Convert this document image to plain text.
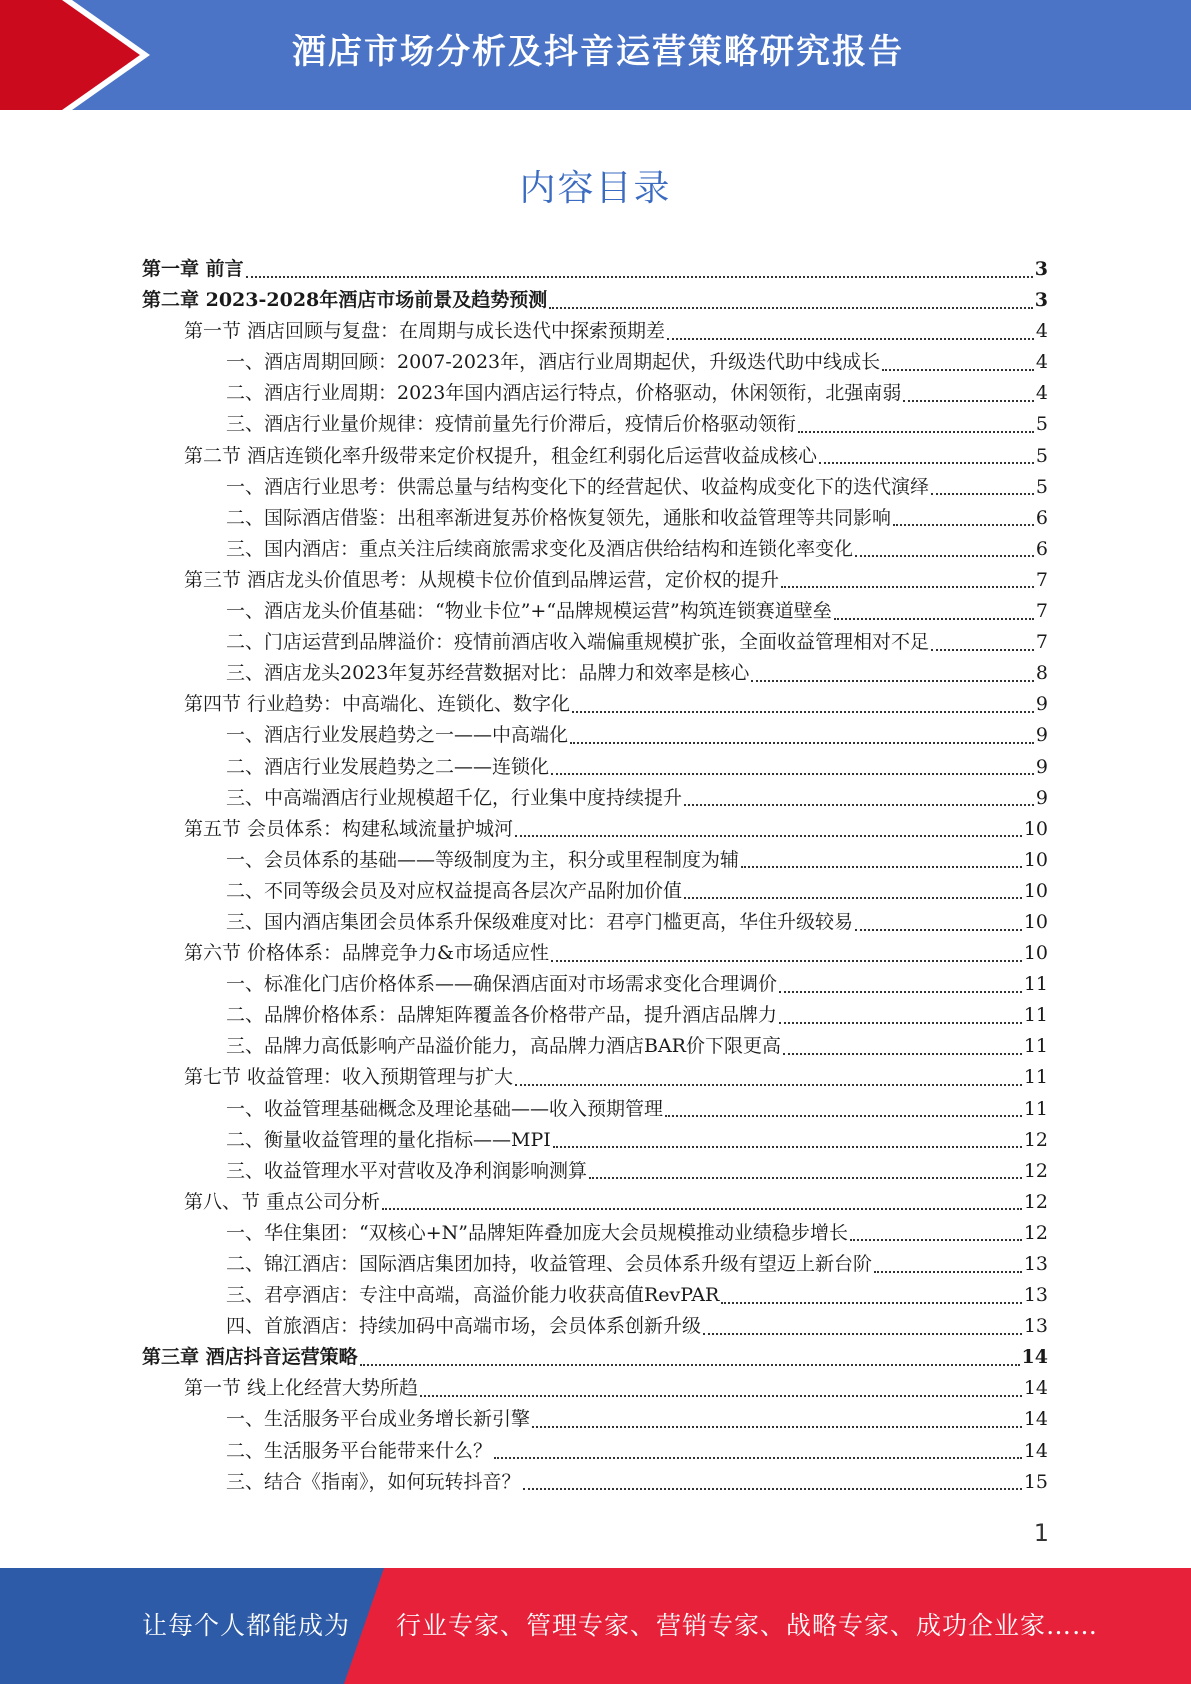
酒店市场分析及抖音运营策略研究报告
内容目录
第一章 前言	3
第二章 2023-2028年酒店市场前景及趋势预测	3
第一节 酒店回顾与复盘：在周期与成长迭代中探索预期差	4
一、酒店周期回顾：2007-2023年，酒店行业周期起伏，升级迭代助中线成长	4
二、酒店行业周期：2023年国内酒店运行特点，价格驱动，休闲领衔，北强南弱	4
三、酒店行业量价规律：疫情前量先行价滞后，疫情后价格驱动领衔	5
第二节 酒店连锁化率升级带来定价权提升，租金红利弱化后运营收益成核心	5
一、酒店行业思考：供需总量与结构变化下的经营起伏、收益构成变化下的迭代演绎	5
二、国际酒店借鉴：出租率渐进复苏价格恢复领先，通胀和收益管理等共同影响	6
三、国内酒店：重点关注后续商旅需求变化及酒店供给结构和连锁化率变化	6
第三节 酒店龙头价值思考：从规模卡位价值到品牌运营，定价权的提升	7
一、酒店龙头价值基础：“物业卡位”+“品牌规模运营”构筑连锁赛道壁垒	7
二、门店运营到品牌溢价：疫情前酒店收入端偏重规模扩张，全面收益管理相对不足	7
三、酒店龙头2023年复苏经营数据对比：品牌力和效率是核心	8
第四节 行业趋势：中高端化、连锁化、数字化	9
一、酒店行业发展趋势之一——中高端化	9
二、酒店行业发展趋势之二——连锁化	9
三、中高端酒店行业规模超千亿，行业集中度持续提升	9
第五节 会员体系：构建私域流量护城河	10
一、会员体系的基础——等级制度为主，积分或里程制度为辅	10
二、不同等级会员及对应权益提高各层次产品附加价值	10
三、国内酒店集团会员体系升保级难度对比：君亭门槛更高，华住升级较易	10
第六节 价格体系：品牌竞争力&市场适应性	10
一、标准化门店价格体系——确保酒店面对市场需求变化合理调价	11
二、品牌价格体系：品牌矩阵覆盖各价格带产品，提升酒店品牌力	11
三、品牌力高低影响产品溢价能力，高品牌力酒店BAR价下限更高	11
第七节 收益管理：收入预期管理与扩大	11
一、收益管理基础概念及理论基础——收入预期管理	11
二、衡量收益管理的量化指标——MPI	12
三、收益管理水平对营收及净利润影响测算	12
第八、节 重点公司分析	12
一、华住集团：“双核心+N”品牌矩阵叠加庞大会员规模推动业绩稳步增长	12
二、锦江酒店：国际酒店集团加持，收益管理、会员体系升级有望迈上新台阶	13
三、君亭酒店：专注中高端，高溢价能力收获高值RevPAR	13
四、首旅酒店：持续加码中高端市场，会员体系创新升级	13
第三章 酒店抖音运营策略	14
第一节 线上化经营大势所趋	14
一、生活服务平台成业务增长新引擎	14
二、生活服务平台能带来什么？	14
三、结合《指南》，如何玩转抖音？	15
1
让每个人都能成为 行业专家、管理专家、营销专家、战略专家、成功企业家……
